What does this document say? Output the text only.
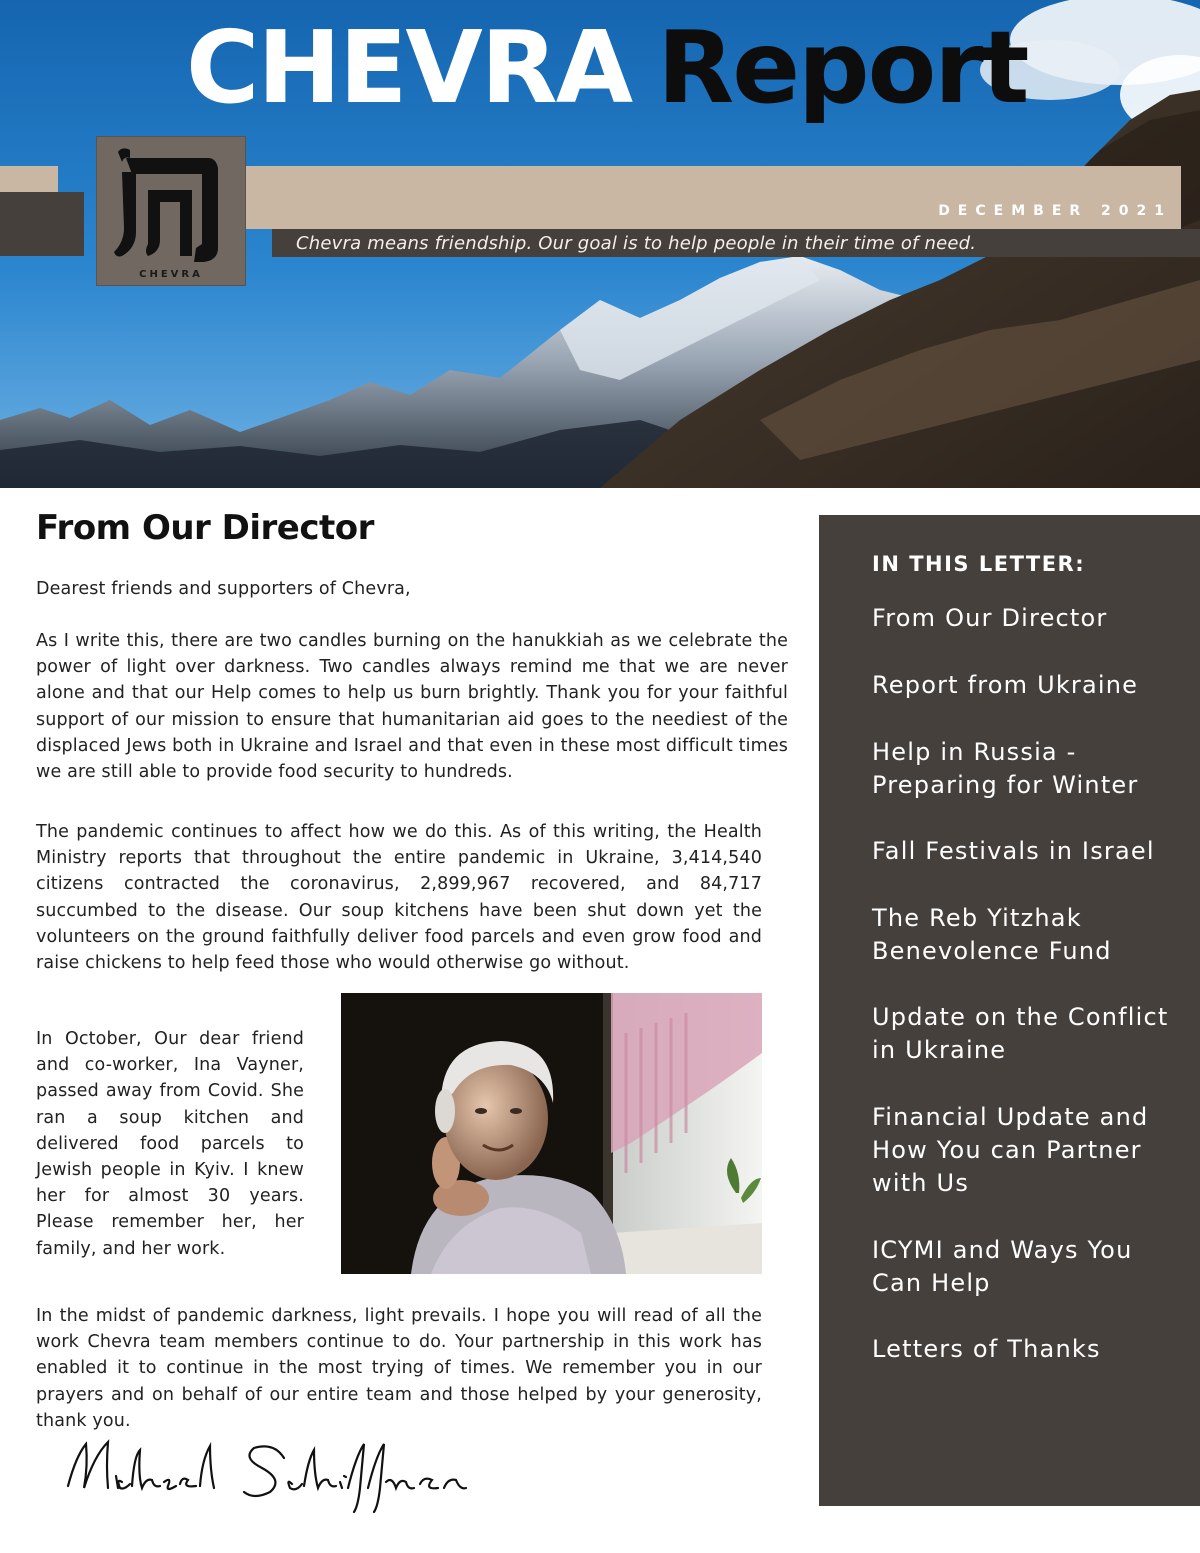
CHEVRA Report
CHEVRA
DECEMBER 2021
Chevra means friendship. Our goal is to help people in their time of need.
From Our Director

Dearest friends and supporters of Chevra,

As I write this, there are two candles burning on the hanukkiah as we celebrate the power of light over darkness. Two candles always remind me that we are never alone and that our Help comes to help us burn brightly. Thank you for your faithful support of our mission to ensure that humanitarian aid goes to the neediest of the displaced Jews both in Ukraine and Israel and that even in these most difficult times we are still able to provide food security to hundreds.

The pandemic continues to affect how we do this. As of this writing, the Health Ministry reports that throughout the entire pandemic in Ukraine, 3,414,540 citizens contracted the coronavirus, 2,899,967 recovered, and 84,717 succumbed to the disease. Our soup kitchens have been shut down yet the volunteers on the ground faithfully deliver food parcels and even grow food and raise chickens to help feed those who would otherwise go without.

In October, Our dear friend and co-worker, Ina Vayner, passed away from Covid. She ran a soup kitchen and delivered food parcels to Jewish people in Kyiv. I knew her for almost 30 years. Please remember her, her family, and her work.

In the midst of pandemic darkness, light prevails. I hope you will read of all the work Chevra team members continue to do. Your partnership in this work has enabled it to continue in the most trying of times. We remember you in our prayers and on behalf of our entire team and those helped by your generosity, thank you.

IN THIS LETTER:
From Our Director
Report from Ukraine
Help in Russia - Preparing for Winter
Fall Festivals in Israel
The Reb Yitzhak Benevolence Fund
Update on the Conflict in Ukraine
Financial Update and How You can Partner with Us
ICYMI and Ways You Can Help
Letters of Thanks
